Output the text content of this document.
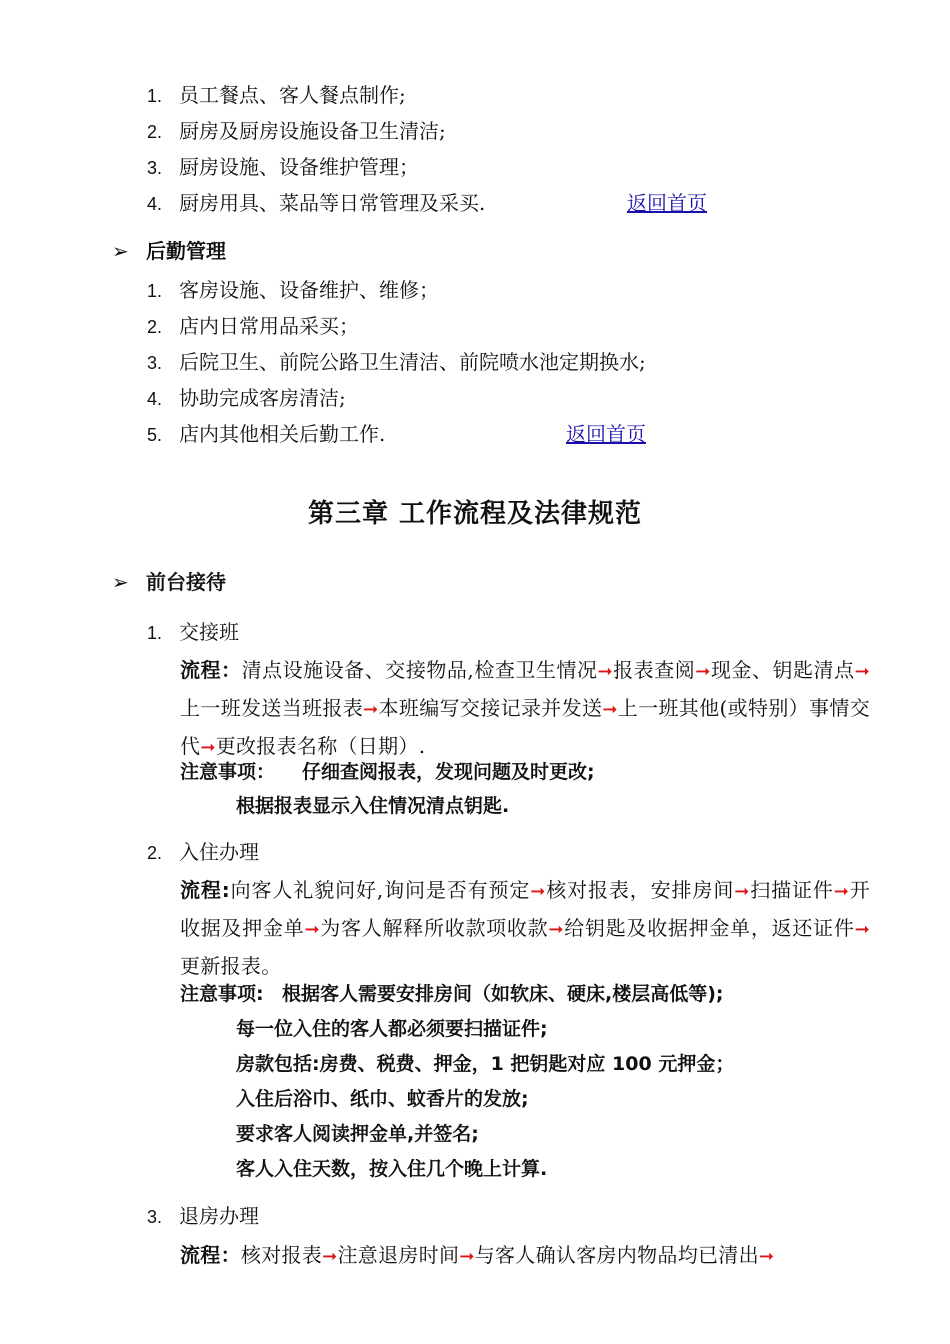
1. 员工餐点、客人餐点制作;
2. 厨房及厨房设施设备卫生清洁;
3. 厨房设施、设备维护管理；
4. 厨房用具、菜品等日常管理及采买.	返回首页
➢ 后勤管理
1. 客房设施、设备维护、维修；
2. 店内日常用品采买；
3. 后院卫生、前院公路卫生清洁、前院喷水池定期换水;
4. 协助完成客房清洁;
5. 店内其他相关后勤工作.	返回首页
第三章 工作流程及法律规范
➢ 前台接待
1. 交接班
流程：清点设施设备、交接物品,检查卫生情况➞报表查阅➞现金、钥匙清点➞上一班发送当班报表➞本班编写交接记录并发送➞上一班其他(或特别）事情交代➞更改报表名称（日期）.
注意事项： 仔细查阅报表，发现问题及时更改;
根据报表显示入住情况清点钥匙.
2. 入住办理
流程:向客人礼貌问好,询问是否有预定➞核对报表，安排房间➞扫描证件➞开收据及押金单➞为客人解释所收款项收款➞给钥匙及收据押金单，返还证件➞更新报表。
注意事项: 根据客人需要安排房间（如软床、硬床,楼层高低等);
每一位入住的客人都必须要扫描证件;
房款包括:房费、税费、押金，1 把钥匙对应 100 元押金；
入住后浴巾、纸巾、蚊香片的发放;
要求客人阅读押金单,并签名;
客人入住天数，按入住几个晚上计算.
3. 退房办理
流程：核对报表➞注意退房时间➞与客人确认客房内物品均已清出➞
